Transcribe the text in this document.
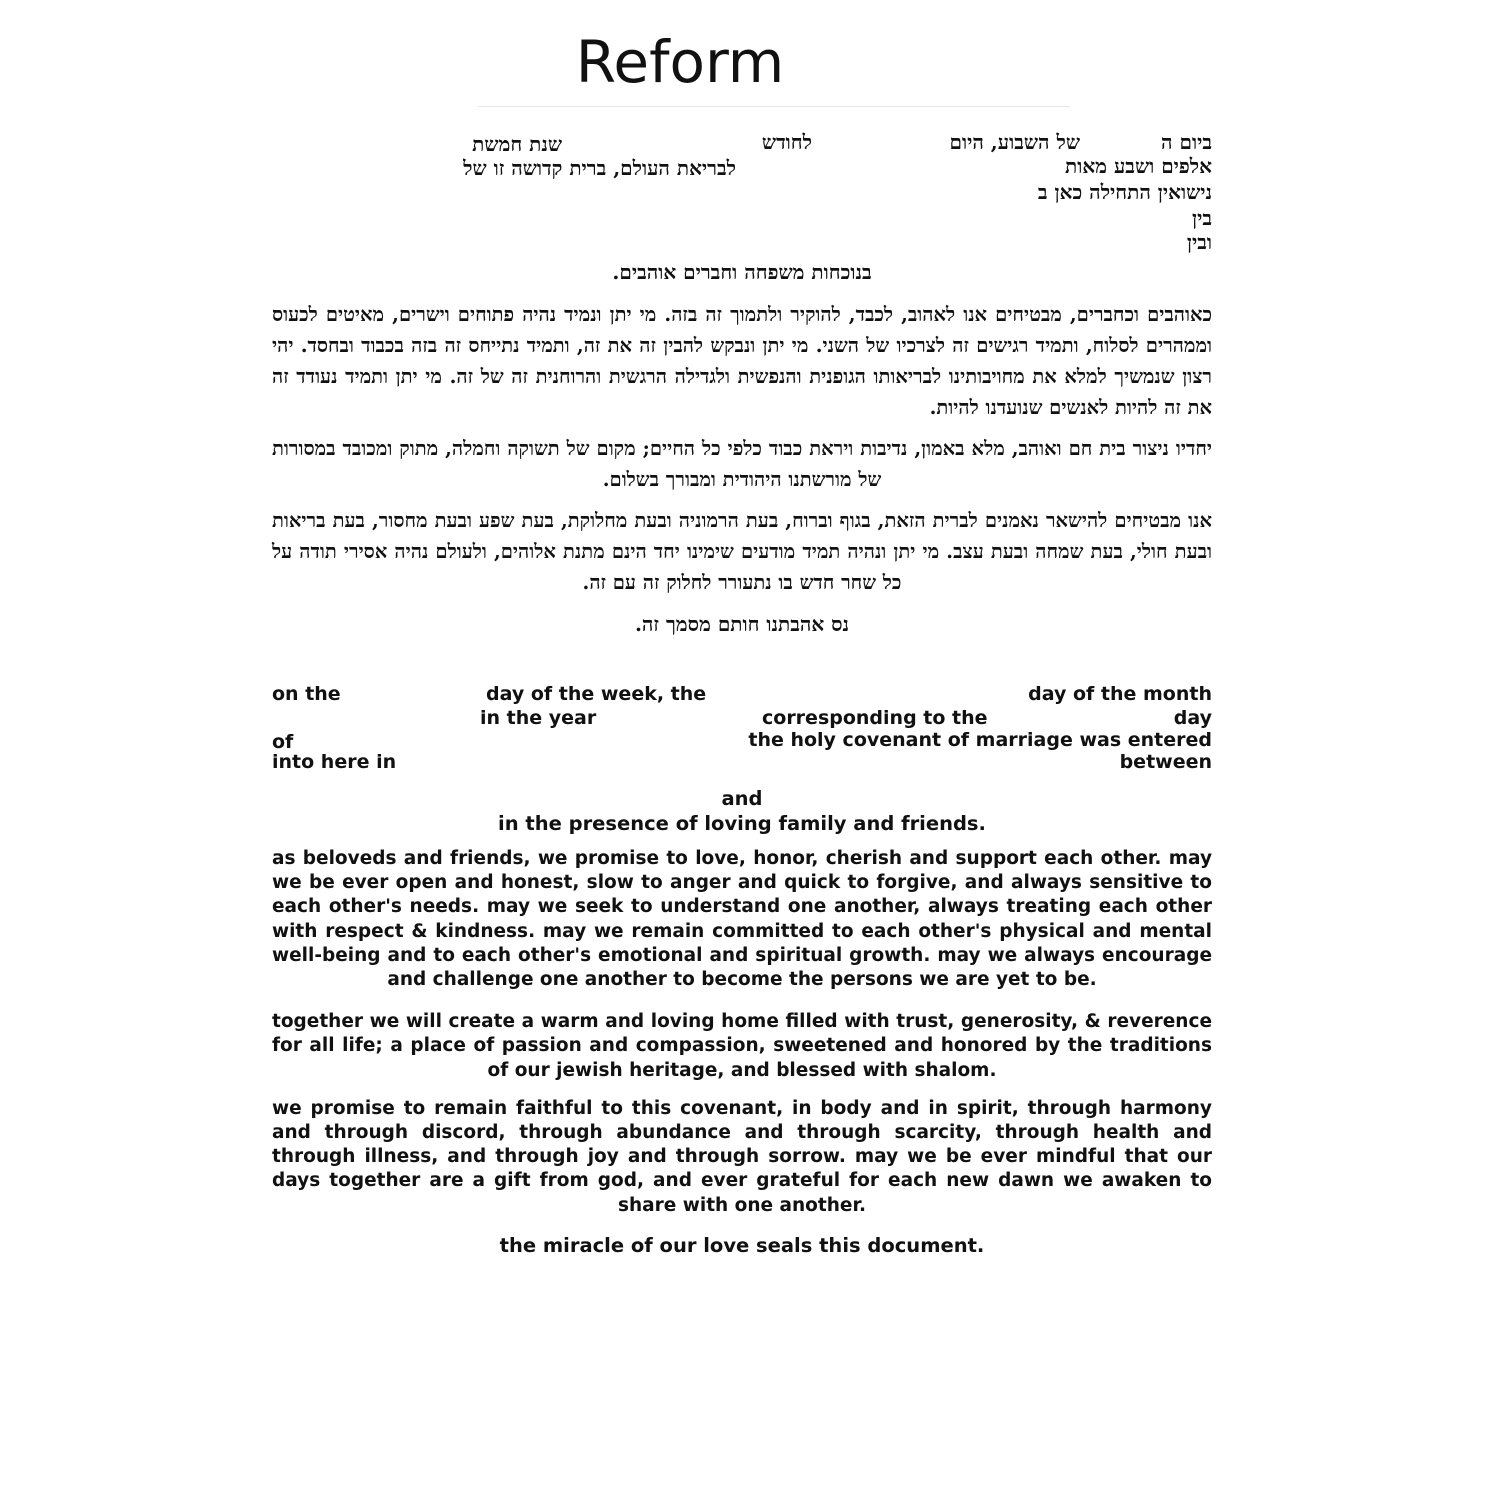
Reform
ביום ה
של השבוע, היום
לחודש
שנת חמשת
אלפים ושבע מאות
לבריאת העולם, ברית קדושה זו של
נישואין התחילה כאן ב
בין
ובין

בנוכחות משפחה וחברים אוהבים.

כאוהבים וכחברים, מבטיחים אנו לאהוב, לכבד, להוקיר ולתמוך זה בזה. מי יתן ונמיד נהיה פתוחים וישרים, מאיטים לכעוס וממהרים לסלוח, ותמיד רגישים זה לצרכיו של השני. מי יתן ונבקש להבין זה את זה, ותמיד נתייחס זה בזה בכבוד ובחסד. יהי רצון שנמשיך למלא את מחויבותינו לבריאותו הגופנית והנפשית ולגדילה הרגשית והרוחנית זה של זה. מי יתן ותמיד נעודד זה את זה להיות לאנשים שנועדנו להיות.

יחדיו ניצור בית חם ואוהב, מלא באמון, נדיבות ויראת כבוד כלפי כל החיים; מקום של תשוקה וחמלה, מתוק ומכובד במסורות של מורשתנו היהודית ומבורך בשלום.

אנו מבטיחים להישאר נאמנים לברית הזאת, בגוף וברוח, בעת הרמוניה ובעת מחלוקת, בעת שפע ובעת מחסור, בעת בריאות ובעת חולי, בעת שמחה ובעת עצב. מי יתן ונהיה תמיד מודעים שימינו יחד הינם מתנת אלוהים, ולעולם נהיה אסירי תודה על כל שחר חדש בו נתעורר לחלוק זה עם זה.

נס אהבתנו חותם מסמך זה.

on the	day of the week, the	day of the month
in the year	corresponding to the	day
of	the holy covenant of marriage was entered
into here in	between

and

in the presence of loving family and friends.

as beloveds and friends, we promise to love, honor, cherish and support each other. may we be ever open and honest, slow to anger and quick to forgive, and always sensitive to each other's needs. may we seek to understand one another, always treating each other with respect & kindness. may we remain committed to each other's physical and mental well-being and to each other's emotional and spiritual growth. may we always encourage and challenge one another to become the persons we are yet to be.

together we will create a warm and loving home filled with trust, generosity, & reverence for all life; a place of passion and compassion, sweetened and honored by the traditions of our jewish heritage, and blessed with shalom.

we promise to remain faithful to this covenant, in body and in spirit, through harmony and through discord, through abundance and through scarcity, through health and through illness, and through joy and through sorrow. may we be ever mindful that our days together are a gift from god, and ever grateful for each new dawn we awaken to share with one another.

the miracle of our love seals this document.
